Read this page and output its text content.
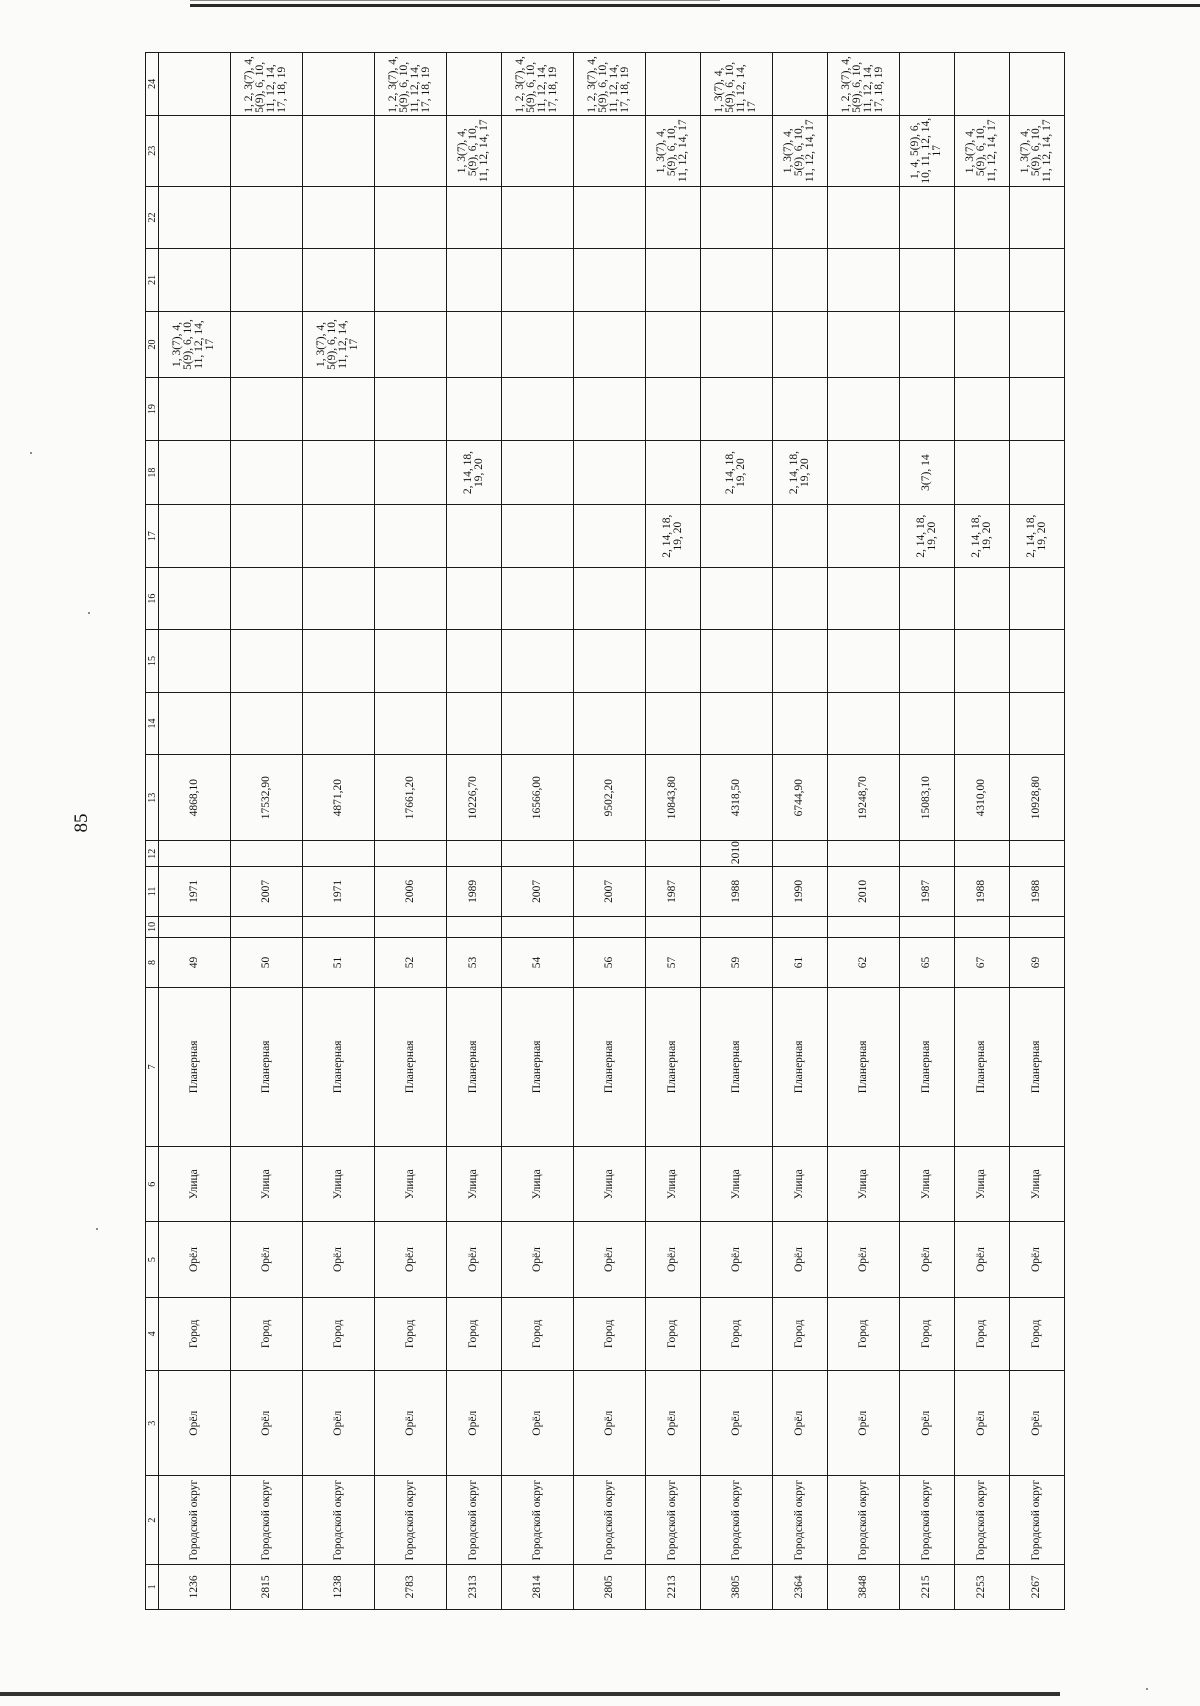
85
1	2	3	4	5	6	7	8	10	11	12	13	14	15	16	17	18	19	20	21	22	23	24
1236	Городской округ	Орёл	Город	Орёл	Улица	Планерная	49		1971		4868,10							1, 3(7), 4, 5(9), 6, 10, 11, 12, 14, 17				
2815	Городской округ	Орёл	Город	Орёл	Улица	Планерная	50		2007		17532,90											1, 2, 3(7), 4, 5(9), 6, 10, 11, 12, 14, 17, 18, 19
1238	Городской округ	Орёл	Город	Орёл	Улица	Планерная	51		1971		4871,20							1, 3(7), 4, 5(9), 6, 10, 11, 12, 14, 17				
2783	Городской округ	Орёл	Город	Орёл	Улица	Планерная	52		2006		17661,20											1, 2, 3(7), 4, 5(9), 6, 10, 11, 12, 14, 17, 18, 19
2313	Городской округ	Орёл	Город	Орёл	Улица	Планерная	53		1989		10226,70					2, 14, 18, 19, 20					1, 3(7), 4, 5(9), 6, 10, 11, 12, 14, 17	
2814	Городской округ	Орёл	Город	Орёл	Улица	Планерная	54		2007		16566,00											1, 2, 3(7), 4, 5(9), 6, 10, 11, 12, 14, 17, 18, 19
2805	Городской округ	Орёл	Город	Орёл	Улица	Планерная	56		2007		9502,20											1, 2, 3(7), 4, 5(9), 6, 10, 11, 12, 14, 17, 18, 19
2213	Городской округ	Орёл	Город	Орёл	Улица	Планерная	57		1987		10843,80				2, 14, 18, 19, 20						1, 3(7), 4, 5(9), 6, 10, 11, 12, 14, 17	
3805	Городской округ	Орёл	Город	Орёл	Улица	Планерная	59		1988	2010	4318,50					2, 14, 18, 19, 20						1, 3(7), 4, 5(9), 6, 10, 11, 12, 14, 17
2364	Городской округ	Орёл	Город	Орёл	Улица	Планерная	61		1990		6744,90					2, 14, 18, 19, 20					1, 3(7), 4, 5(9), 6, 10, 11, 12, 14, 17	
3848	Городской округ	Орёл	Город	Орёл	Улица	Планерная	62		2010		19248,70											1, 2, 3(7), 4, 5(9), 6, 10, 11, 12, 14, 17, 18, 19
2215	Городской округ	Орёл	Город	Орёл	Улица	Планерная	65		1987		15083,10				2, 14, 18, 19, 20	3(7), 14					1, 4, 5(9), 6, 10, 11, 12, 14, 17	
2253	Городской округ	Орёл	Город	Орёл	Улица	Планерная	67		1988		4310,00				2, 14, 18, 19, 20						1, 3(7), 4, 5(9), 6, 10, 11, 12, 14, 17	
2267	Городской округ	Орёл	Город	Орёл	Улица	Планерная	69		1988		10928,80				2, 14, 18, 19, 20						1, 3(7), 4, 5(9), 6, 10, 11, 12, 14, 17	
